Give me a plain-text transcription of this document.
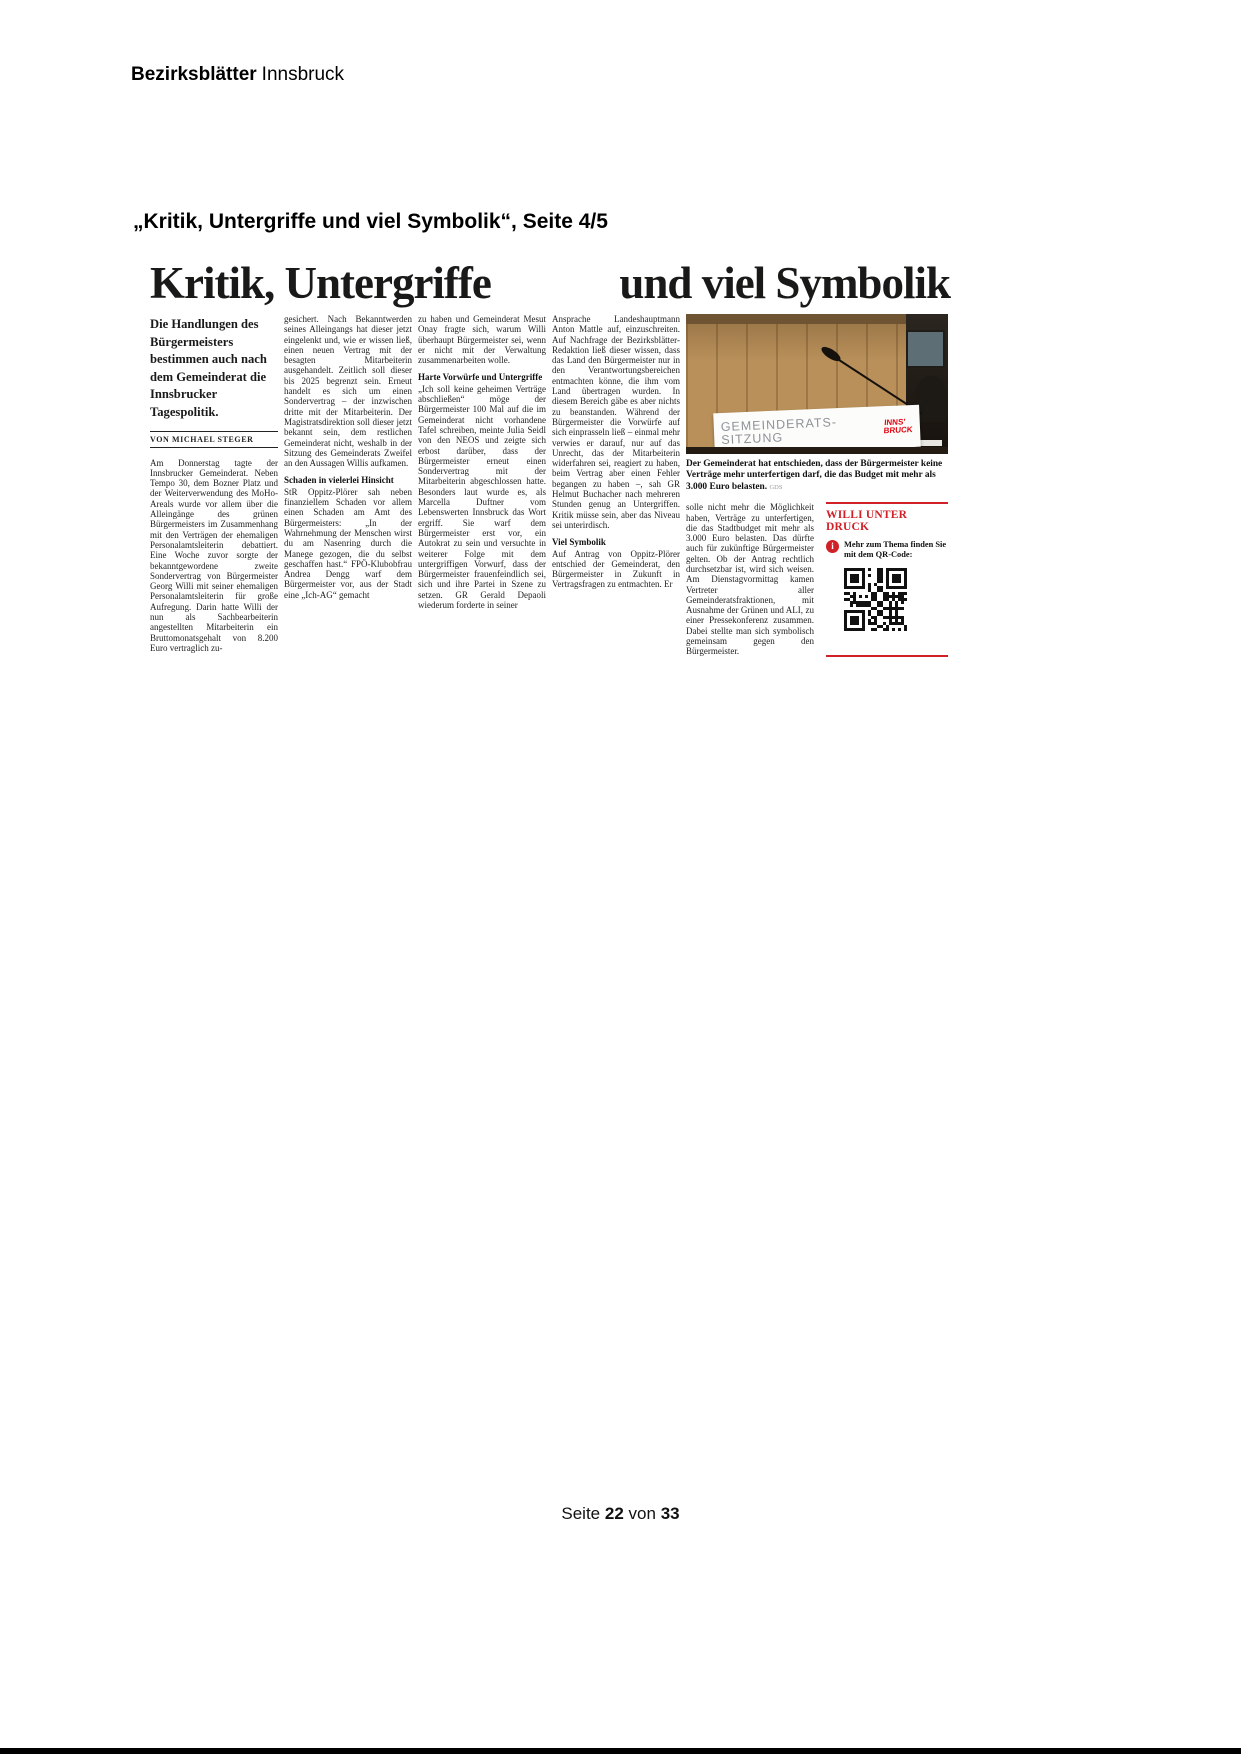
Bezirksblätter Innsbruck
„Kritik, Untergriffe und viel Symbolik“, Seite 4/5
Kritik, Untergriffe	und viel Symbolik

Die Handlungen des Bürgermeisters bestimmen auch nach dem Gemeinderat die Innsbrucker Tagespolitik.

VON MICHAEL STEGER

Am Donnerstag tagte der Innsbrucker Gemeinderat. Neben Tempo 30, dem Bozner Platz und der Weiterverwendung des MoHo-Areals wurde vor allem über die Alleingänge des grünen Bürgermeisters im Zusammenhang mit den Verträgen der ehemaligen Personalamtsleiterin debattiert. Eine Woche zuvor sorgte der bekanntgewordene zweite Sondervertrag von Bürgermeister Georg Willi mit seiner ehemaligen Personalamtsleiterin für große Aufregung. Darin hatte Willi der nun als Sachbearbeiterin angestellten Mitarbeiterin ein Bruttomonatsgehalt von 8.200 Euro vertraglich zu-

gesichert. Nach Bekanntwerden seines Alleingangs hat dieser jetzt eingelenkt und, wie er wissen ließ, einen neuen Vertrag mit der besagten Mitarbeiterin ausgehandelt. Zeitlich soll dieser bis 2025 begrenzt sein. Erneut handelt es sich um einen Sondervertrag – der inzwischen dritte mit der Mitarbeiterin. Der Magistratsdirektion soll dieser jetzt bekannt sein, dem restlichen Gemeinderat nicht, weshalb in der Sitzung des Gemeinderats Zweifel an den Aussagen Willis aufkamen.

Schaden in vielerlei Hinsicht

StR Oppitz-Plörer sah neben finanziellem Schaden vor allem einen Schaden am Amt des Bürgermeisters: „In der Wahrnehmung der Menschen wirst du am Nasenring durch die Manege gezogen, die du selbst geschaffen hast.“ FPÖ-Klubobfrau Andrea Dengg warf dem Bürgermeister vor, aus der Stadt eine „Ich-AG“ gemacht

zu haben und Gemeinderat Mesut Onay fragte sich, warum Willi überhaupt Bürgermeister sei, wenn er nicht mit der Verwaltung zusammenarbeiten wolle.

Harte Vorwürfe und Untergriffe

„Ich soll keine geheimen Verträge abschließen“ möge der Bürgermeister 100 Mal auf die im Gemeinderat nicht vorhandene Tafel schreiben, meinte Julia Seidl von den NEOS und zeigte sich erbost darüber, dass der Bürgermeister erneut einen Sondervertrag mit der Mitarbeiterin abgeschlossen hatte. Besonders laut wurde es, als Marcella Duftner vom Lebenswerten Innsbruck das Wort ergriff. Sie warf dem Bürgermeister erst vor, ein Autokrat zu sein und versuchte in weiterer Folge mit dem untergriffigen Vorwurf, dass der Bürgermeister frauenfeindlich sei, sich und ihre Partei in Szene zu setzen. GR Gerald Depaoli wiederum forderte in seiner

Ansprache Landeshauptmann Anton Mattle auf, einzuschreiten. Auf Nachfrage der Bezirksblätter-Redaktion ließ dieser wissen, dass das Land den Bürgermeister nur in den Verantwortungsbereichen entmachten könne, die ihm vom Land übertragen wurden. In diesem Bereich gäbe es aber nichts zu beanstanden. Während der Bürgermeister die Vorwürfe auf sich einprasseln ließ – einmal mehr verwies er darauf, nur auf das Unrecht, das der Mitarbeiterin widerfahren sei, reagiert zu haben, beim Vertrag aber einen Fehler begangen zu haben –, sah GR Helmut Buchacher nach mehreren Stunden genug an Untergriffen. Kritik müsse sein, aber das Niveau sei unterirdisch.

Viel Symbolik

Auf Antrag von Oppitz-Plörer entschied der Gemeinderat, den Bürgermeister in Zukunft in Vertragsfragen zu entmachten. Er

GEMEINDERATS-
SITZUNG
INNS’
BRUCK

Der Gemeinderat hat entschieden, dass der Bürgermeister keine Verträge mehr unterfertigen darf, die das Budget mit mehr als 3.000 Euro belasten. GDS

solle nicht mehr die Möglichkeit haben, Verträge zu unterfertigen, die das Stadtbudget mit mehr als 3.000 Euro belasten. Das dürfte auch für zukünftige Bürgermeister gelten. Ob der Antrag rechtlich durchsetzbar ist, wird sich weisen. Am Dienstagvormittag kamen Vertreter aller Gemeinderatsfraktionen, mit Ausnahme der Grünen und ALI, zu einer Pressekonferenz zusammen. Dabei stellte man sich symbolisch gemeinsam gegen den Bürgermeister.

WILLI UNTER DRUCK
i	Mehr zum Thema finden Sie mit dem QR-Code:
Seite 22 von 33
